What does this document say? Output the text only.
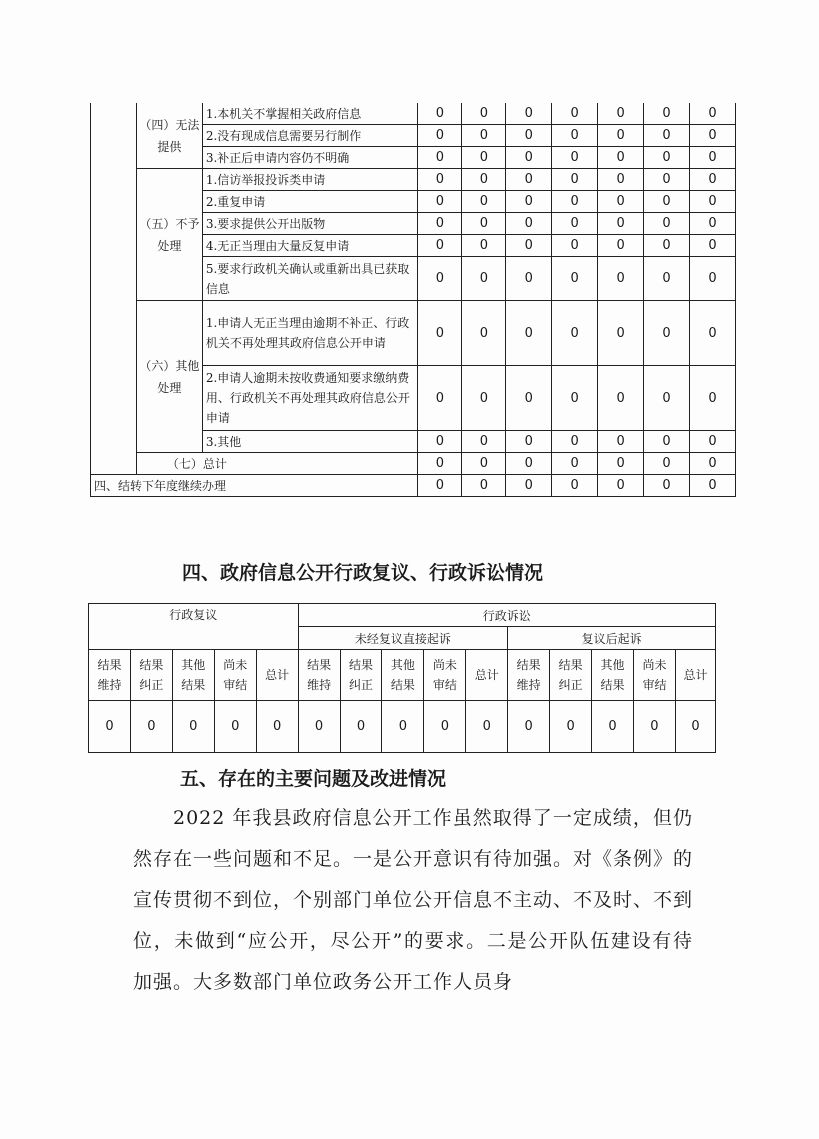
	（四）无法提供	1.本机关不掌握相关政府信息	0	0	0	0	0	0	0
		2.没有现成信息需要另行制作	0	0	0	0	0	0	0
		3.补正后申请内容仍不明确	0	0	0	0	0	0	0
	（五）不予处理	1.信访举报投诉类申请	0	0	0	0	0	0	0
		2.重复申请	0	0	0	0	0	0	0
		3.要求提供公开出版物	0	0	0	0	0	0	0
		4.无正当理由大量反复申请	0	0	0	0	0	0	0
		5.要求行政机关确认或重新出具已获取信息	0	0	0	0	0	0	0
	（六）其他处理	1.申请人无正当理由逾期不补正、行政机关不再处理其政府信息公开申请	0	0	0	0	0	0	0
		2.申请人逾期未按收费通知要求缴纳费用、行政机关不再处理其政府信息公开申请	0	0	0	0	0	0	0
		3.其他	0	0	0	0	0	0	0
	（七）总计		0	0	0	0	0	0	0
四、结转下年度继续办理			0	0	0	0	0	0	0
四、政府信息公开行政复议、行政诉讼情况
行政复议					行政诉讼									
					未经复议直接起诉					复议后起诉				
结果维持	结果纠正	其他结果	尚未审结	总计	结果维持	结果纠正	其他结果	尚未审结	总计	结果维持	结果纠正	其他结果	尚未审结	总计
0	0	0	0	0	0	0	0	0	0	0	0	0	0	0
五、存在的主要问题及改进情况

2022 年我县政府信息公开工作虽然取得了一定成绩，但仍然存在一些问题和不足。一是公开意识有待加强。对《条例》的宣传贯彻不到位，个别部门单位公开信息不主动、不及时、不到位，未做到“应公开，尽公开”的要求。二是公开队伍建设有待加强。大多数部门单位政务公开工作人员身
